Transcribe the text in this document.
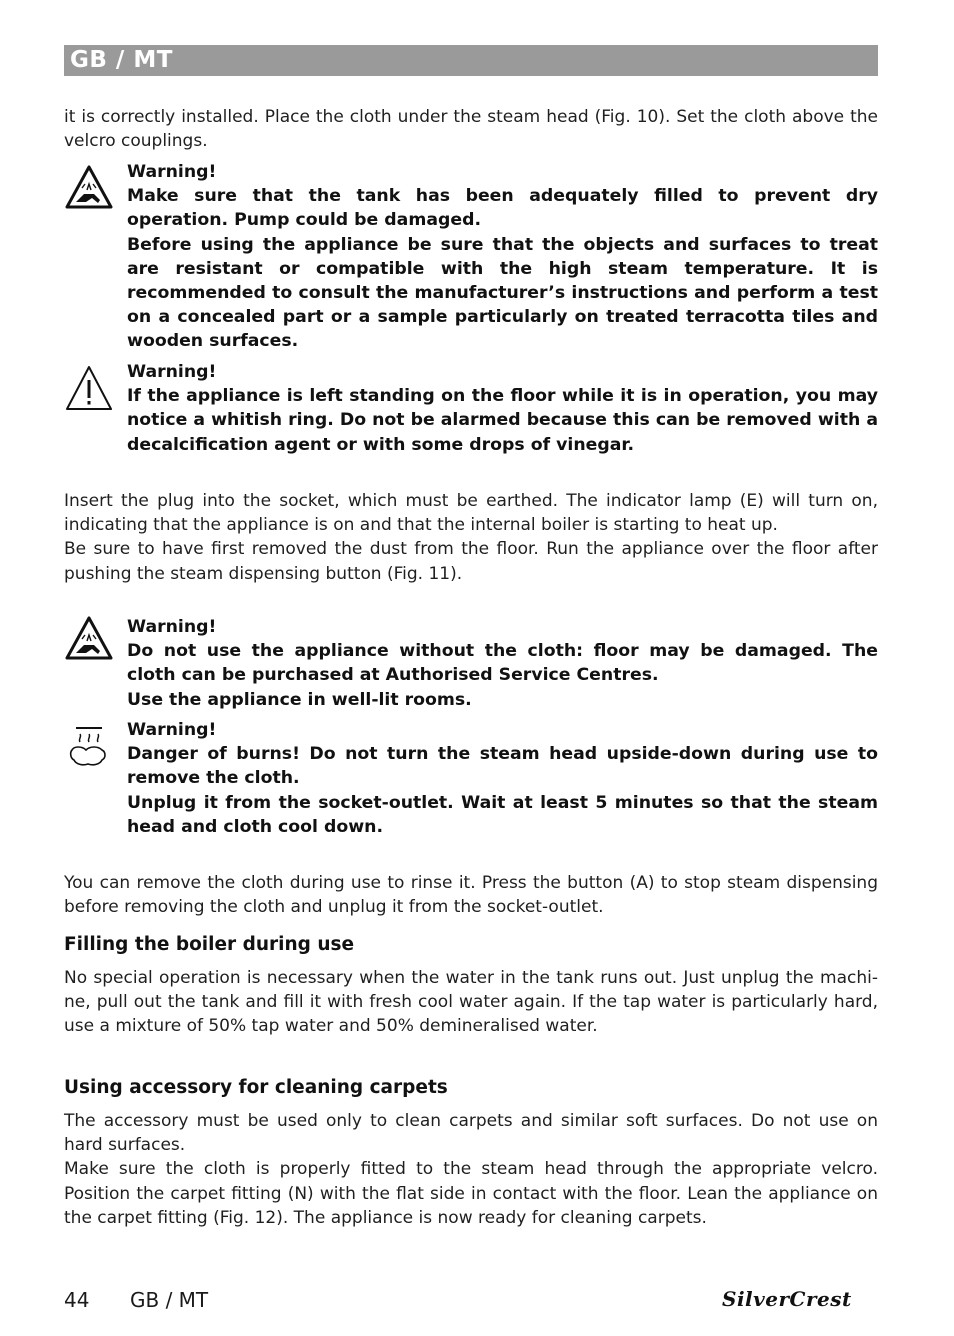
GB / MT

it is correctly installed. Place the cloth under the steam head (Fig. 10). Set the cloth above the velcro couplings.

Warning!
Make sure that the tank has been adequately filled to prevent dry operation. Pump could be damaged.
Before using the appliance be sure that the objects and surfaces to treat are resistant or compatible with the high steam temperature. It is recommended to consult the manufacturer’s instructions and perform a test on a concealed part or a sample particularly on treated terracotta tiles and wooden surfaces.
Warning!
If the appliance is left standing on the floor while it is in operation, you may notice a whitish ring. Do not be alarmed because this can be removed with a decalcification agent or with some drops of vinegar.

Insert the plug into the socket, which must be earthed. The indicator lamp (E) will turn on, indicating that the appliance is on and that the internal boiler is starting to heat up.

Be sure to have first removed the dust from the floor. Run the appliance over the floor after pushing the steam dispensing button (Fig. 11).

Warning!
Do not use the appliance without the cloth: floor may be damaged. The cloth can be purchased at Authorised Service Centres.
Use the appliance in well-lit rooms.
Warning!
Danger of burns! Do not turn the steam head upside-down during use to remove the cloth.
Unplug it from the socket-outlet. Wait at least 5 minutes so that the steam head and cloth cool down.

You can remove the cloth during use to rinse it. Press the button (A) to stop steam dispensing before removing the cloth and unplug it from the socket-outlet.

Filling the boiler during use

No special operation is necessary when the water in the tank runs out. Just unplug the machi-ne, pull out the tank and fill it with fresh cool water again. If the tap water is particularly hard, use a mixture of 50% tap water and 50% demineralised water.

Using accessory for cleaning carpets

The accessory must be used only to clean carpets and similar soft surfaces. Do not use on hard surfaces.

Make sure the cloth is properly fitted to the steam head through the appropriate velcro. Position the carpet fitting (N) with the flat side in contact with the floor. Lean the appliance on the carpet fitting (Fig. 12). The appliance is now ready for cleaning carpets.

44 GB / MT	SilverCrest
